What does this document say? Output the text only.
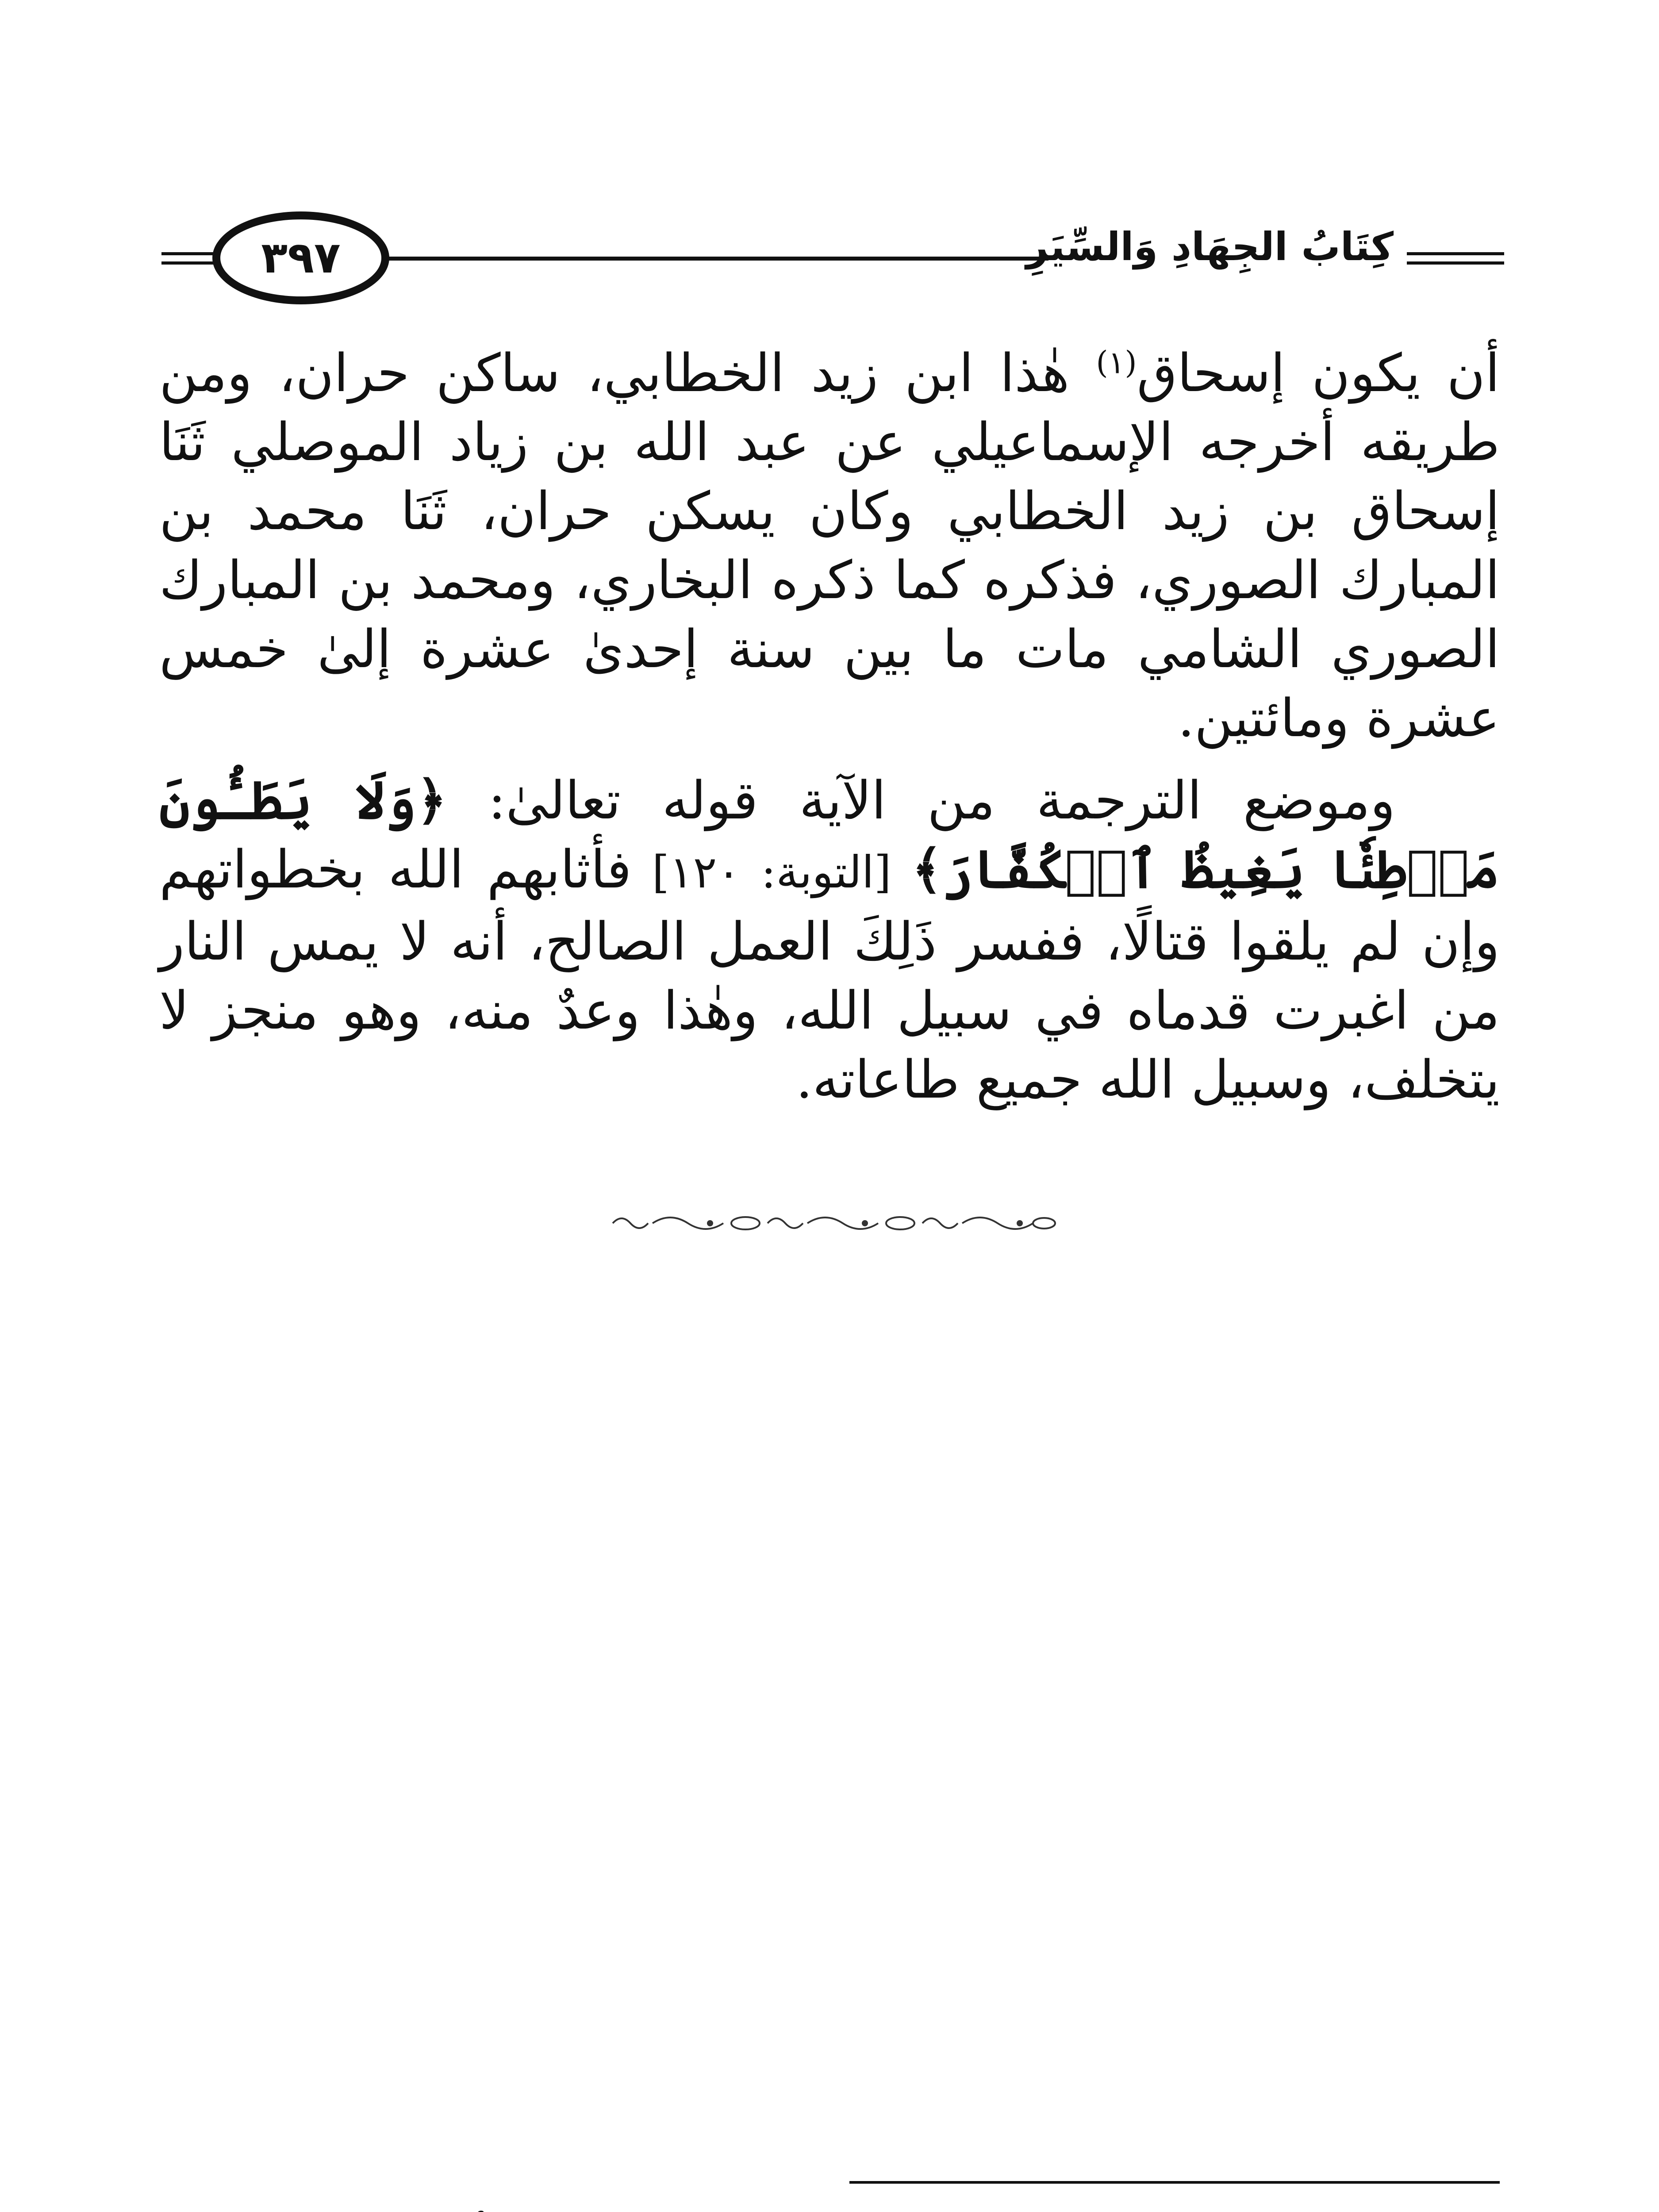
كِتَابُ الجِهَادِ وَالسِّيَرِ
٣٩٧

أن يكون إسحاق$^{(١)}$ هٰذا ابن زيد الخطابي، ساكن حران، ومن طريقه أخرجه الإسماعيلي عن عبد الله بن زياد الموصلي ثَنَا إسحاق بن زيد الخطابي وكان يسكن حران، ثَنَا محمد بن المبارك الصوري، فذكره كما ذكره البخاري، ومحمد بن المبارك الصوري الشامي مات ما بين سنة إحدىٰ عشرة إلىٰ خمس عشرة ومائتين.

  وموضع الترجمة من الآية قوله تعالىٰ: ﴿وَلَا يَطَـُٔونَ مَوۡطِئٗا يَغِيظُ ٱلۡكُفَّارَ﴾ [التوبة: ١٢٠] فأثابهم الله بخطواتهم وإن لم يلقوا قتالًا، ففسر ذَلِكَ العمل الصالح، أنه لا يمس النار من اغبرت قدماه في سبيل الله، وهٰذا وعدٌ منه، وهو منجز لا يتخلف، وسبيل الله جميع طاعاته.
